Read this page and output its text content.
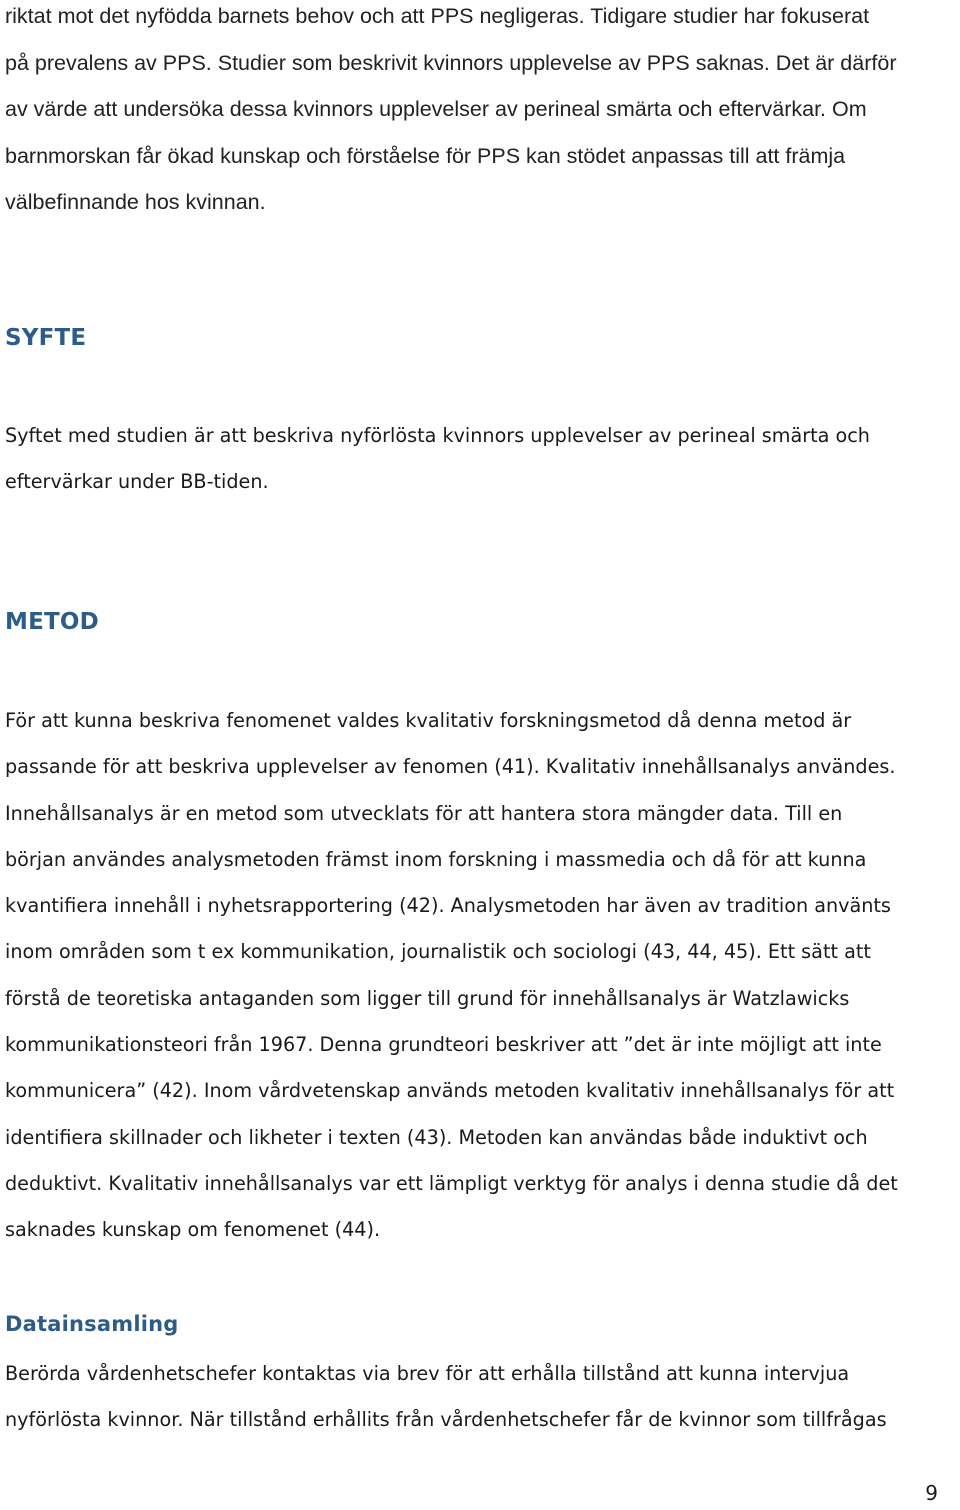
riktat mot det nyfödda barnets behov och att PPS negligeras. Tidigare studier har fokuserat
på prevalens av PPS. Studier som beskrivit kvinnors upplevelse av PPS saknas. Det är därför
av värde att undersöka dessa kvinnors upplevelser av perineal smärta och eftervärkar. Om
barnmorskan får ökad kunskap och förståelse för PPS kan stödet anpassas till att främja
välbefinnande hos kvinnan.
SYFTE
Syftet med studien är att beskriva nyförlösta kvinnors upplevelser av perineal smärta och
eftervärkar under BB-tiden.
METOD
För att kunna beskriva fenomenet valdes kvalitativ forskningsmetod då denna metod är
passande för att beskriva upplevelser av fenomen (41). Kvalitativ innehållsanalys användes.
Innehållsanalys är en metod som utvecklats för att hantera stora mängder data. Till en
början användes analysmetoden främst inom forskning i massmedia och då för att kunna
kvantifiera innehåll i nyhetsrapportering (42). Analysmetoden har även av tradition använts
inom områden som t ex kommunikation, journalistik och sociologi (43, 44, 45). Ett sätt att
förstå de teoretiska antaganden som ligger till grund för innehållsanalys är Watzlawicks
kommunikationsteori från 1967. Denna grundteori beskriver att ”det är inte möjligt att inte
kommunicera” (42). Inom vårdvetenskap används metoden kvalitativ innehållsanalys för att
identifiera skillnader och likheter i texten (43). Metoden kan användas både induktivt och
deduktivt. Kvalitativ innehållsanalys var ett lämpligt verktyg för analys i denna studie då det
saknades kunskap om fenomenet (44).
Datainsamling
Berörda vårdenhetschefer kontaktas via brev för att erhålla tillstånd att kunna intervjua
nyförlösta kvinnor. När tillstånd erhållits från vårdenhetschefer får de kvinnor som tillfrågas
9
